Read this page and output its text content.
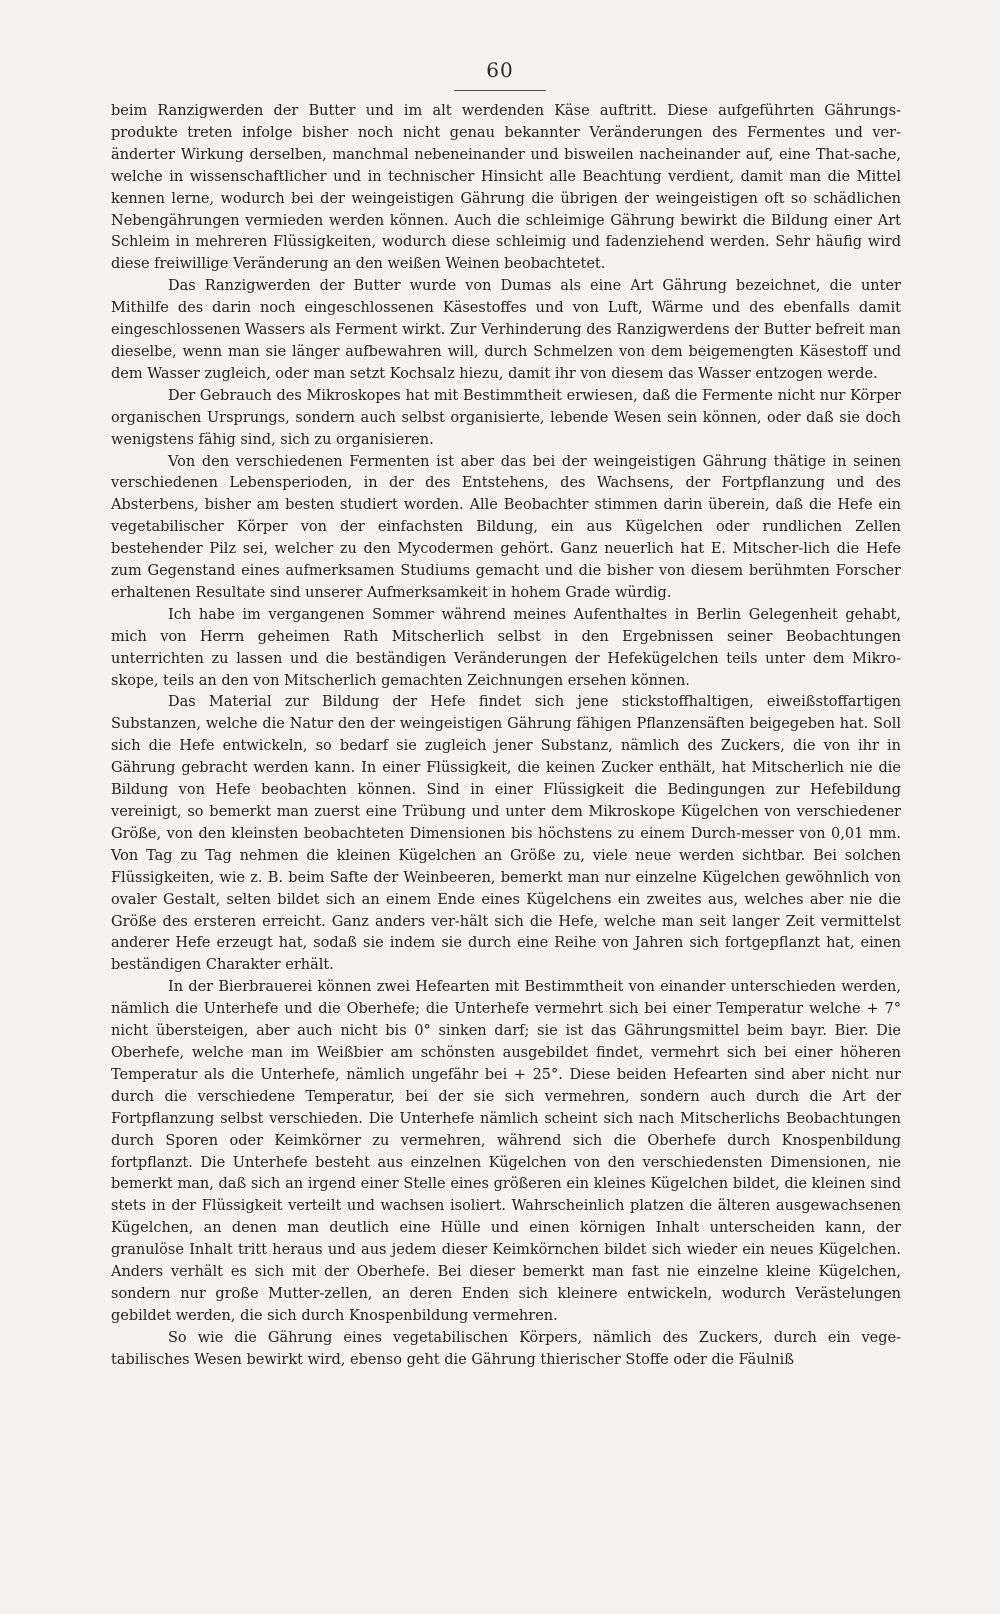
60

beim Ranzigwerden der Butter und im alt werdenden Käse auftritt. Diese aufgeführten Gährungs-produkte treten infolge bisher noch nicht genau bekannter Veränderungen des Fermentes und ver-änderter Wirkung derselben, manchmal nebeneinander und bisweilen nacheinander auf, eine That-sache, welche in wissenschaftlicher und in technischer Hinsicht alle Beachtung verdient, damit man die Mittel kennen lerne, wodurch bei der weingeistigen Gährung die übrigen der weingeistigen oft so schädlichen Nebengährungen vermieden werden können. Auch die schleimige Gährung bewirkt die Bildung einer Art Schleim in mehreren Flüssigkeiten, wodurch diese schleimig und fadenziehend werden. Sehr häufig wird diese freiwillige Veränderung an den weißen Weinen beobachtetet.

Das Ranzigwerden der Butter wurde von Dumas als eine Art Gährung bezeichnet, die unter Mithilfe des darin noch eingeschlossenen Käsestoffes und von Luft, Wärme und des ebenfalls damit eingeschlossenen Wassers als Ferment wirkt. Zur Verhinderung des Ranzigwerdens der Butter befreit man dieselbe, wenn man sie länger aufbewahren will, durch Schmelzen von dem beigemengten Käsestoff und dem Wasser zugleich, oder man setzt Kochsalz hiezu, damit ihr von diesem das Wasser entzogen werde.

Der Gebrauch des Mikroskopes hat mit Bestimmtheit erwiesen, daß die Fermente nicht nur Körper organischen Ursprungs, sondern auch selbst organisierte, lebende Wesen sein können, oder daß sie doch wenigstens fähig sind, sich zu organisieren.

Von den verschiedenen Fermenten ist aber das bei der weingeistigen Gährung thätige in seinen verschiedenen Lebensperioden, in der des Entstehens, des Wachsens, der Fortpflanzung und des Absterbens, bisher am besten studiert worden. Alle Beobachter stimmen darin überein, daß die Hefe ein vegetabilischer Körper von der einfachsten Bildung, ein aus Kügelchen oder rundlichen Zellen bestehender Pilz sei, welcher zu den Mycodermen gehört. Ganz neuerlich hat E. Mitscher-lich die Hefe zum Gegenstand eines aufmerksamen Studiums gemacht und die bisher von diesem berühmten Forscher erhaltenen Resultate sind unserer Aufmerksamkeit in hohem Grade würdig.

Ich habe im vergangenen Sommer während meines Aufenthaltes in Berlin Gelegenheit gehabt, mich von Herrn geheimen Rath Mitscherlich selbst in den Ergebnissen seiner Beobachtungen unterrichten zu lassen und die beständigen Veränderungen der Hefekügelchen teils unter dem Mikro-skope, teils an den von Mitscherlich gemachten Zeichnungen ersehen können.

Das Material zur Bildung der Hefe findet sich jene stickstoffhaltigen, eiweißstoffartigen Substanzen, welche die Natur den der weingeistigen Gährung fähigen Pflanzensäften beigegeben hat. Soll sich die Hefe entwickeln, so bedarf sie zugleich jener Substanz, nämlich des Zuckers, die von ihr in Gährung gebracht werden kann. In einer Flüssigkeit, die keinen Zucker enthält, hat Mitscherlich nie die Bildung von Hefe beobachten können. Sind in einer Flüssigkeit die Bedingungen zur Hefebildung vereinigt, so bemerkt man zuerst eine Trübung und unter dem Mikroskope Kügelchen von verschiedener Größe, von den kleinsten beobachteten Dimensionen bis höchstens zu einem Durch-messer von 0,01 mm. Von Tag zu Tag nehmen die kleinen Kügelchen an Größe zu, viele neue werden sichtbar. Bei solchen Flüssigkeiten, wie z. B. beim Safte der Weinbeeren, bemerkt man nur einzelne Kügelchen gewöhnlich von ovaler Gestalt, selten bildet sich an einem Ende eines Kügelchens ein zweites aus, welches aber nie die Größe des ersteren erreicht. Ganz anders ver-hält sich die Hefe, welche man seit langer Zeit vermittelst anderer Hefe erzeugt hat, sodaß sie indem sie durch eine Reihe von Jahren sich fortgepflanzt hat, einen beständigen Charakter erhält.

In der Bierbrauerei können zwei Hefearten mit Bestimmtheit von einander unterschieden werden, nämlich die Unterhefe und die Oberhefe; die Unterhefe vermehrt sich bei einer Temperatur welche + 7° nicht übersteigen, aber auch nicht bis 0° sinken darf; sie ist das Gährungsmittel beim bayr. Bier. Die Oberhefe, welche man im Weißbier am schönsten ausgebildet findet, vermehrt sich bei einer höheren Temperatur als die Unterhefe, nämlich ungefähr bei + 25°. Diese beiden Hefearten sind aber nicht nur durch die verschiedene Temperatur, bei der sie sich vermehren, sondern auch durch die Art der Fortpflanzung selbst verschieden. Die Unterhefe nämlich scheint sich nach Mitscherlichs Beobachtungen durch Sporen oder Keimkörner zu vermehren, während sich die Oberhefe durch Knospenbildung fortpflanzt. Die Unterhefe besteht aus einzelnen Kügelchen von den verschiedensten Dimensionen, nie bemerkt man, daß sich an irgend einer Stelle eines größeren ein kleines Kügelchen bildet, die kleinen sind stets in der Flüssigkeit verteilt und wachsen isoliert. Wahrscheinlich platzen die älteren ausgewachsenen Kügelchen, an denen man deutlich eine Hülle und einen körnigen Inhalt unterscheiden kann, der granulöse Inhalt tritt heraus und aus jedem dieser Keimkörnchen bildet sich wieder ein neues Kügelchen. Anders verhält es sich mit der Oberhefe. Bei dieser bemerkt man fast nie einzelne kleine Kügelchen, sondern nur große Mutter-zellen, an deren Enden sich kleinere entwickeln, wodurch Verästelungen gebildet werden, die sich durch Knospenbildung vermehren.

So wie die Gährung eines vegetabilischen Körpers, nämlich des Zuckers, durch ein vege-tabilisches Wesen bewirkt wird, ebenso geht die Gährung thierischer Stoffe oder die Fäulniß
